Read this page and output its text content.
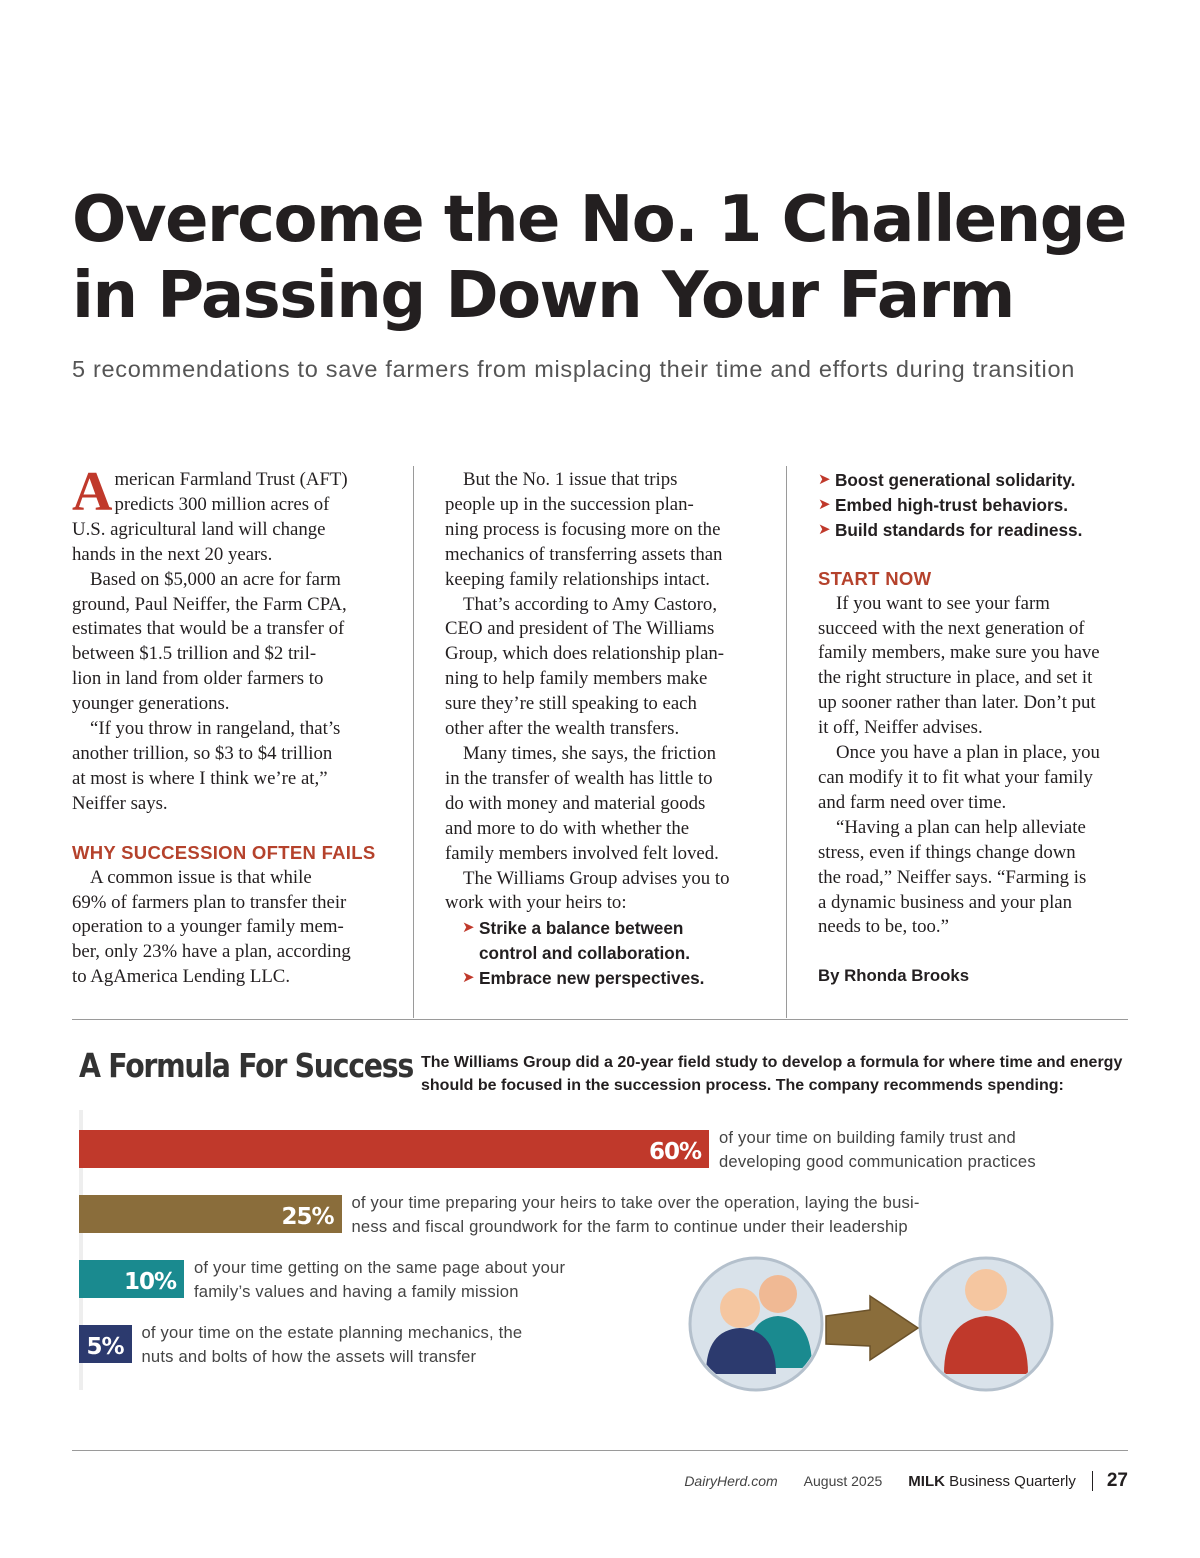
Overcome the No. 1 Challenge
in Passing Down Your Farm

5 recommendations to save farmers from misplacing their time and efforts during transition

A merican Farmland Trust (AFT)
predicts 300 million acres of
U.S. agricultural land will change
hands in the next 20 years.

Based on $5,000 an acre for farm
ground, Paul Neiffer, the Farm CPA,
estimates that would be a transfer of
between $1.5 trillion and $2 tril-
lion in land from older farmers to
younger generations.

“If you throw in rangeland, that’s
another trillion, so $3 to $4 trillion
at most is where I think we’re at,”
Neiffer says.

WHY SUCCESSION OFTEN FAILS

A common issue is that while
69% of farmers plan to transfer their
operation to a younger family mem-
ber, only 23% have a plan, according
to AgAmerica Lending LLC.

But the No. 1 issue that trips
people up in the succession plan-
ning process is focusing more on the
mechanics of transferring assets than
keeping family relationships intact.

That’s according to Amy Castoro,
CEO and president of The Williams
Group, which does relationship plan-
ning to help family members make
sure they’re still speaking to each
other after the wealth transfers.

Many times, she says, the friction
in the transfer of wealth has little to
do with money and material goods
and more to do with whether the
family members involved felt loved.

The Williams Group advises you to
work with your heirs to:

➤ Strike a balance between
control and collaboration.
➤ Embrace new perspectives.
➤ Boost generational solidarity.
➤ Embed high-trust behaviors.
➤ Build standards for readiness.

START NOW

If you want to see your farm
succeed with the next generation of
family members, make sure you have
the right structure in place, and set it
up sooner rather than later. Don’t put
it off, Neiffer advises.

Once you have a plan in place, you
can modify it to fit what your family
and farm need over time.

“Having a plan can help alleviate
stress, even if things change down
the road,” Neiffer says. “Farming is
a dynamic business and your plan
needs to be, too.”

By Rhonda Brooks

A Formula For Success The Williams Group did a 20-year field study to develop a formula for where time and energy
should be focused in the succession process. The company recommends spending:

60%
of your time on building family trust and
developing good communication practices
25%
of your time preparing your heirs to take over the operation, laying the busi-
ness and fiscal groundwork for the farm to continue under their leadership
10%
of your time getting on the same page about your
family’s values and having a family mission
5%
of your time on the estate planning mechanics, the
nuts and bolts of how the assets will transfer
DairyHerd.com August 2025 MILK Business Quarterly 27
